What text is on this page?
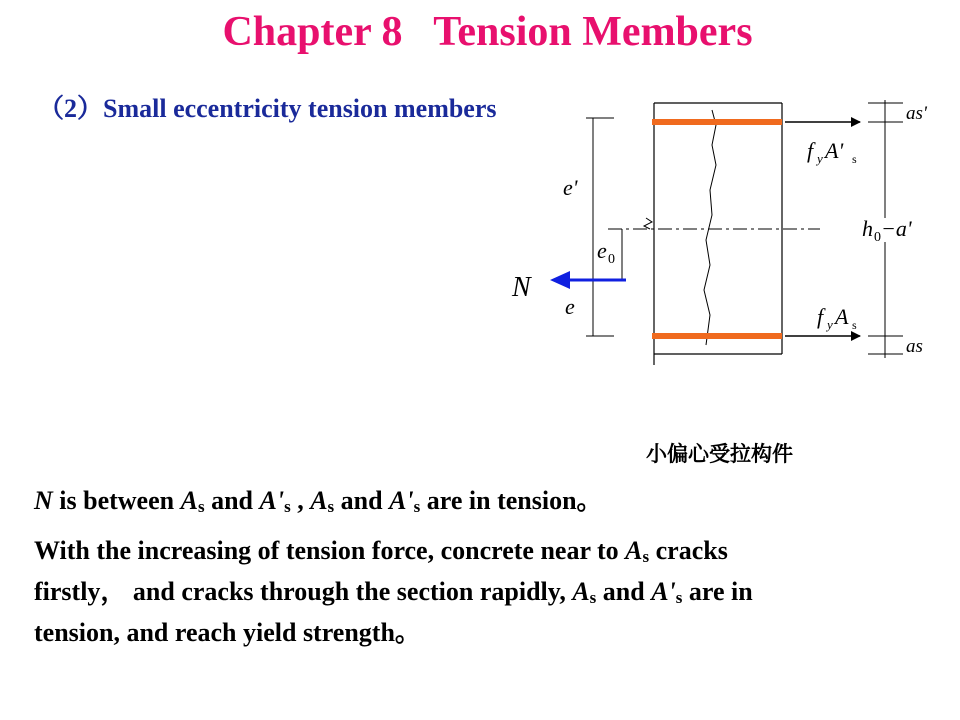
Chapter 8   Tension Members
（2）Small eccentricity tension members	as'
f y A' s
e'
h 0 −a'
e 0
N
e	f y A s
as
小偏心受拉构件
N is between $A_s$ and $A'_s$ , $A_s$ and $A'_s$ are in tension。
With the increasing of tension force, concrete near to $A_s$ cracks
firstly， and cracks through the section rapidly, $A_s$ and $A'_s$ are in
tension, and reach yield strength。
